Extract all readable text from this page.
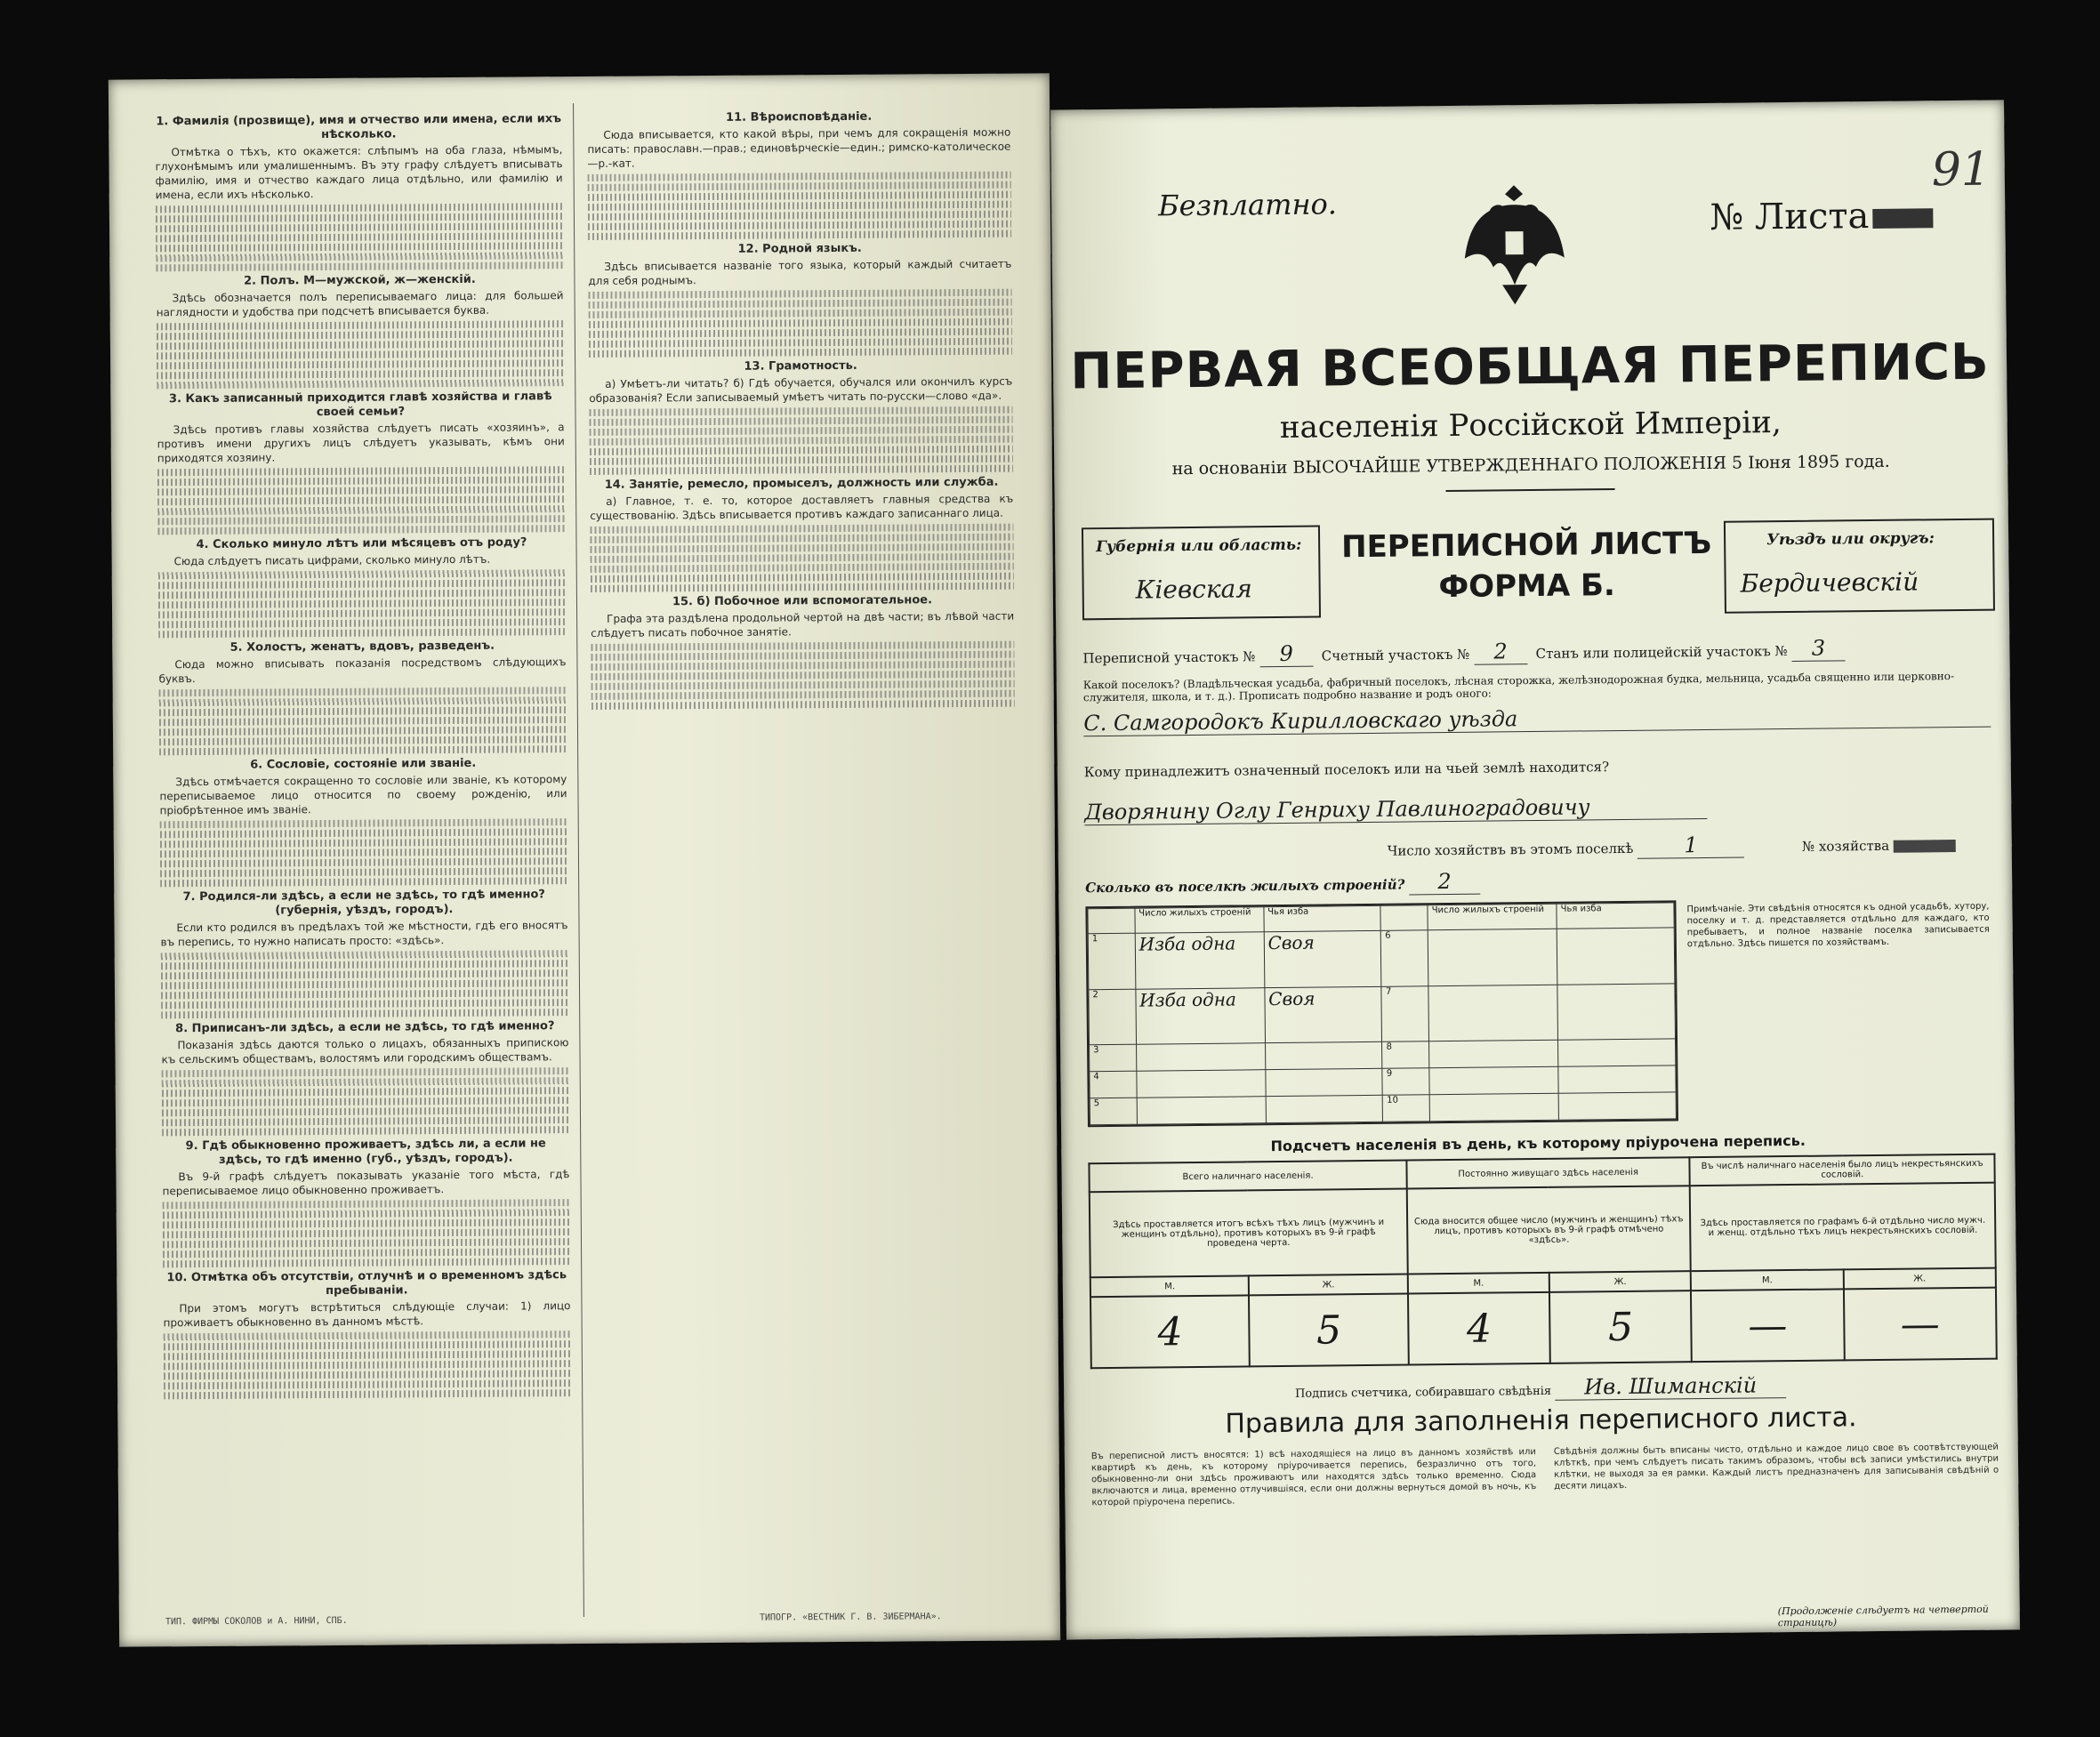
1. Фамилія (прозвище), имя и отчество или имена, если ихъ нѣсколько.

Отмѣтка о тѣхъ, кто окажется: слѣпымъ на оба глаза, нѣмымъ, глухонѣмымъ или умалишеннымъ. Въ эту графу слѣдуетъ вписывать фамилію, имя и отчество каждаго лица отдѣльно, или фамилію и имена, если ихъ нѣсколько.

2. Полъ. М—мужской, ж—женскій.

Здѣсь обозначается полъ переписываемаго лица: для большей наглядности и удобства при подсчетѣ вписывается буква.

3. Какъ записанный приходится главѣ хозяйства и главѣ своей семьи?

Здѣсь противъ главы хозяйства слѣдуетъ писать «хозяинъ», а противъ имени другихъ лицъ слѣдуетъ указывать, кѣмъ они приходятся хозяину.

4. Сколько минуло лѣтъ или мѣсяцевъ отъ роду?

Сюда слѣдуетъ писать цифрами, сколько минуло лѣтъ.

5. Холостъ, женатъ, вдовъ, разведенъ.

Сюда можно вписывать показанія посредствомъ слѣдующихъ буквъ.

6. Сословіе, состояніе или званіе.

Здѣсь отмѣчается сокращенно то сословіе или званіе, къ которому переписываемое лицо относится по своему рожденію, или пріобрѣтенное имъ званіе.

7. Родился-ли здѣсь, а если не здѣсь, то гдѣ именно? (губернія, уѣздъ, городъ).

Если кто родился въ предѣлахъ той же мѣстности, гдѣ его вносятъ въ перепись, то нужно написать просто: «здѣсь».

8. Приписанъ-ли здѣсь, а если не здѣсь, то гдѣ именно?

Показанія здѣсь даются только о лицахъ, обязанныхъ припискою къ сельскимъ обществамъ, волостямъ или городскимъ обществамъ.

9. Гдѣ обыкновенно проживаетъ, здѣсь ли, а если не здѣсь, то гдѣ именно (губ., уѣздъ, городъ).

Въ 9-й графѣ слѣдуетъ показывать указаніе того мѣста, гдѣ переписываемое лицо обыкновенно проживаетъ.

10. Отмѣтка объ отсутствіи, отлучнѣ и о временномъ здѣсь пребываніи.

При этомъ могутъ встрѣтиться слѣдующіе случаи: 1) лицо проживаетъ обыкновенно въ данномъ мѣстѣ.

11. Вѣроисповѣданіе.

Сюда вписывается, кто какой вѣры, при чемъ для сокращенія можно писать: православн.—прав.; единовѣрческіе—един.; римско-католическое—р.-кат.

12. Родной языкъ.

Здѣсь вписывается названіе того языка, который каждый считаетъ для себя роднымъ.

13. Грамотность.

а) Умѣетъ-ли читать? б) Гдѣ обучается, обучался или окончилъ курсъ образованія? Если записываемый умѣетъ читать по-русски—слово «да».

14. Занятіе, ремесло, промыселъ, должность или служба.

а) Главное, т. е. то, которое доставляетъ главныя средства къ существованію. Здѣсь вписывается противъ каждаго записаннаго лица.

15. б) Побочное или вспомогательное.

Графа эта раздѣлена продольной чертой на двѣ части; въ лѣвой части слѣдуетъ писать побочное занятіе.

ТИП. ФИРМЫ СОКОЛОВ и А. НИНИ, СПБ.	ТИПОГР. «ВЕСТНИК Г. В. ЗИБЕРМАНА».
Безплатно.	№ Листа
91
ПЕРВАЯ ВСЕОБЩАЯ ПЕРЕПИСЬ
населенія Россійской Имперіи,
на основаніи ВЫСОЧАЙШЕ УТВЕРЖДЕННАГО ПОЛОЖЕНІЯ 5 Іюня 1895 года.
Губернія или область:
Кіевская
ПЕРЕПИСНОЙ ЛИСТЪ
ФОРМА Б.
Уѣздъ или округъ:
Бердичевскій
Переписной участокъ № 9 Счетный участокъ № 2 Станъ или полицейскій участокъ № 3
Какой поселокъ? (Владѣльческая усадьба, фабричный поселокъ, лѣсная сторожка, желѣзнодорожная будка, мельница, усадьба священно или церковно-служителя, школа, и т. д.). Прописать подробно название и родъ оного:
С. Самгородокъ Кирилловскаго уѣзда
Кому принадлежитъ означенный поселокъ или на чьей землѣ находится?
Дворянину Оглу Генриху Павлиноградовичу
Число хозяйствъ въ этомъ поселкѣ 1	№ хозяйства
Сколько въ поселкѣ жилыхъ строеній? 2
	Число жилыхъ строеній	Чья изба		Число жилыхъ строеній	Чья изба
1	Изба одна	Своя	6		
2	Изба одна	Своя	7		
3			8		
4			9		
5			10		
Примѣчаніе. Эти свѣдѣнія относятся къ одной усадьбѣ, хутору, поселку и т. д. представляется отдѣльно для каждаго, кто пребываетъ, и полное названіе поселка записывается отдѣльно. Здѣсь пишется по хозяйствамъ.
Подсчетъ населенія въ день, къ которому пріурочена перепись.
Всего наличнаго населенія.		Постоянно живущаго здѣсь населенія		Въ числѣ наличнаго населенія было лицъ некрестьянскихъ сословій.	
Здѣсь проставляется итогъ всѣхъ тѣхъ лицъ (мужчинъ и женщинъ отдѣльно), противъ которыхъ въ 9-й графѣ проведена черта.		Сюда вносится общее число (мужчинъ и женщинъ) тѣхъ лицъ, противъ которыхъ въ 9-й графѣ отмѣчено «здѣсь».		Здѣсь проставляется по графамъ 6-й отдѣльно число мужч. и женщ. отдѣльно тѣхъ лицъ некрестьянскихъ сословій.	
М.	Ж.	М.	Ж.	М.	Ж.
4	5	4	5	—	—
Подпись счетчика, собиравшаго свѣдѣнія Ив. Шиманскій
Правила для заполненія переписного листа.
Въ переписной листъ вносятся: 1) всѣ находящіеся на лицо въ данномъ хозяйствѣ или квартирѣ къ день, къ которому пріурочивается перепись, безразлично отъ того, обыкновенно-ли они здѣсь проживаютъ или находятся здѣсь только временно. Сюда включаются и лица, временно отлучившіяся, если они должны вернуться домой въ ночь, къ которой пріурочена перепись.
Свѣдѣнія должны быть вписаны чисто, отдѣльно и каждое лицо свое въ соотвѣтствующей клѣткѣ, при чемъ слѣдуетъ писать такимъ образомъ, чтобы всѣ записи умѣстились внутри клѣтки, не выходя за ея рамки. Каждый листъ предназначенъ для записыванія свѣдѣній о десяти лицахъ.
(Продолженіе слѣдуетъ на четвертой страницѣ)
